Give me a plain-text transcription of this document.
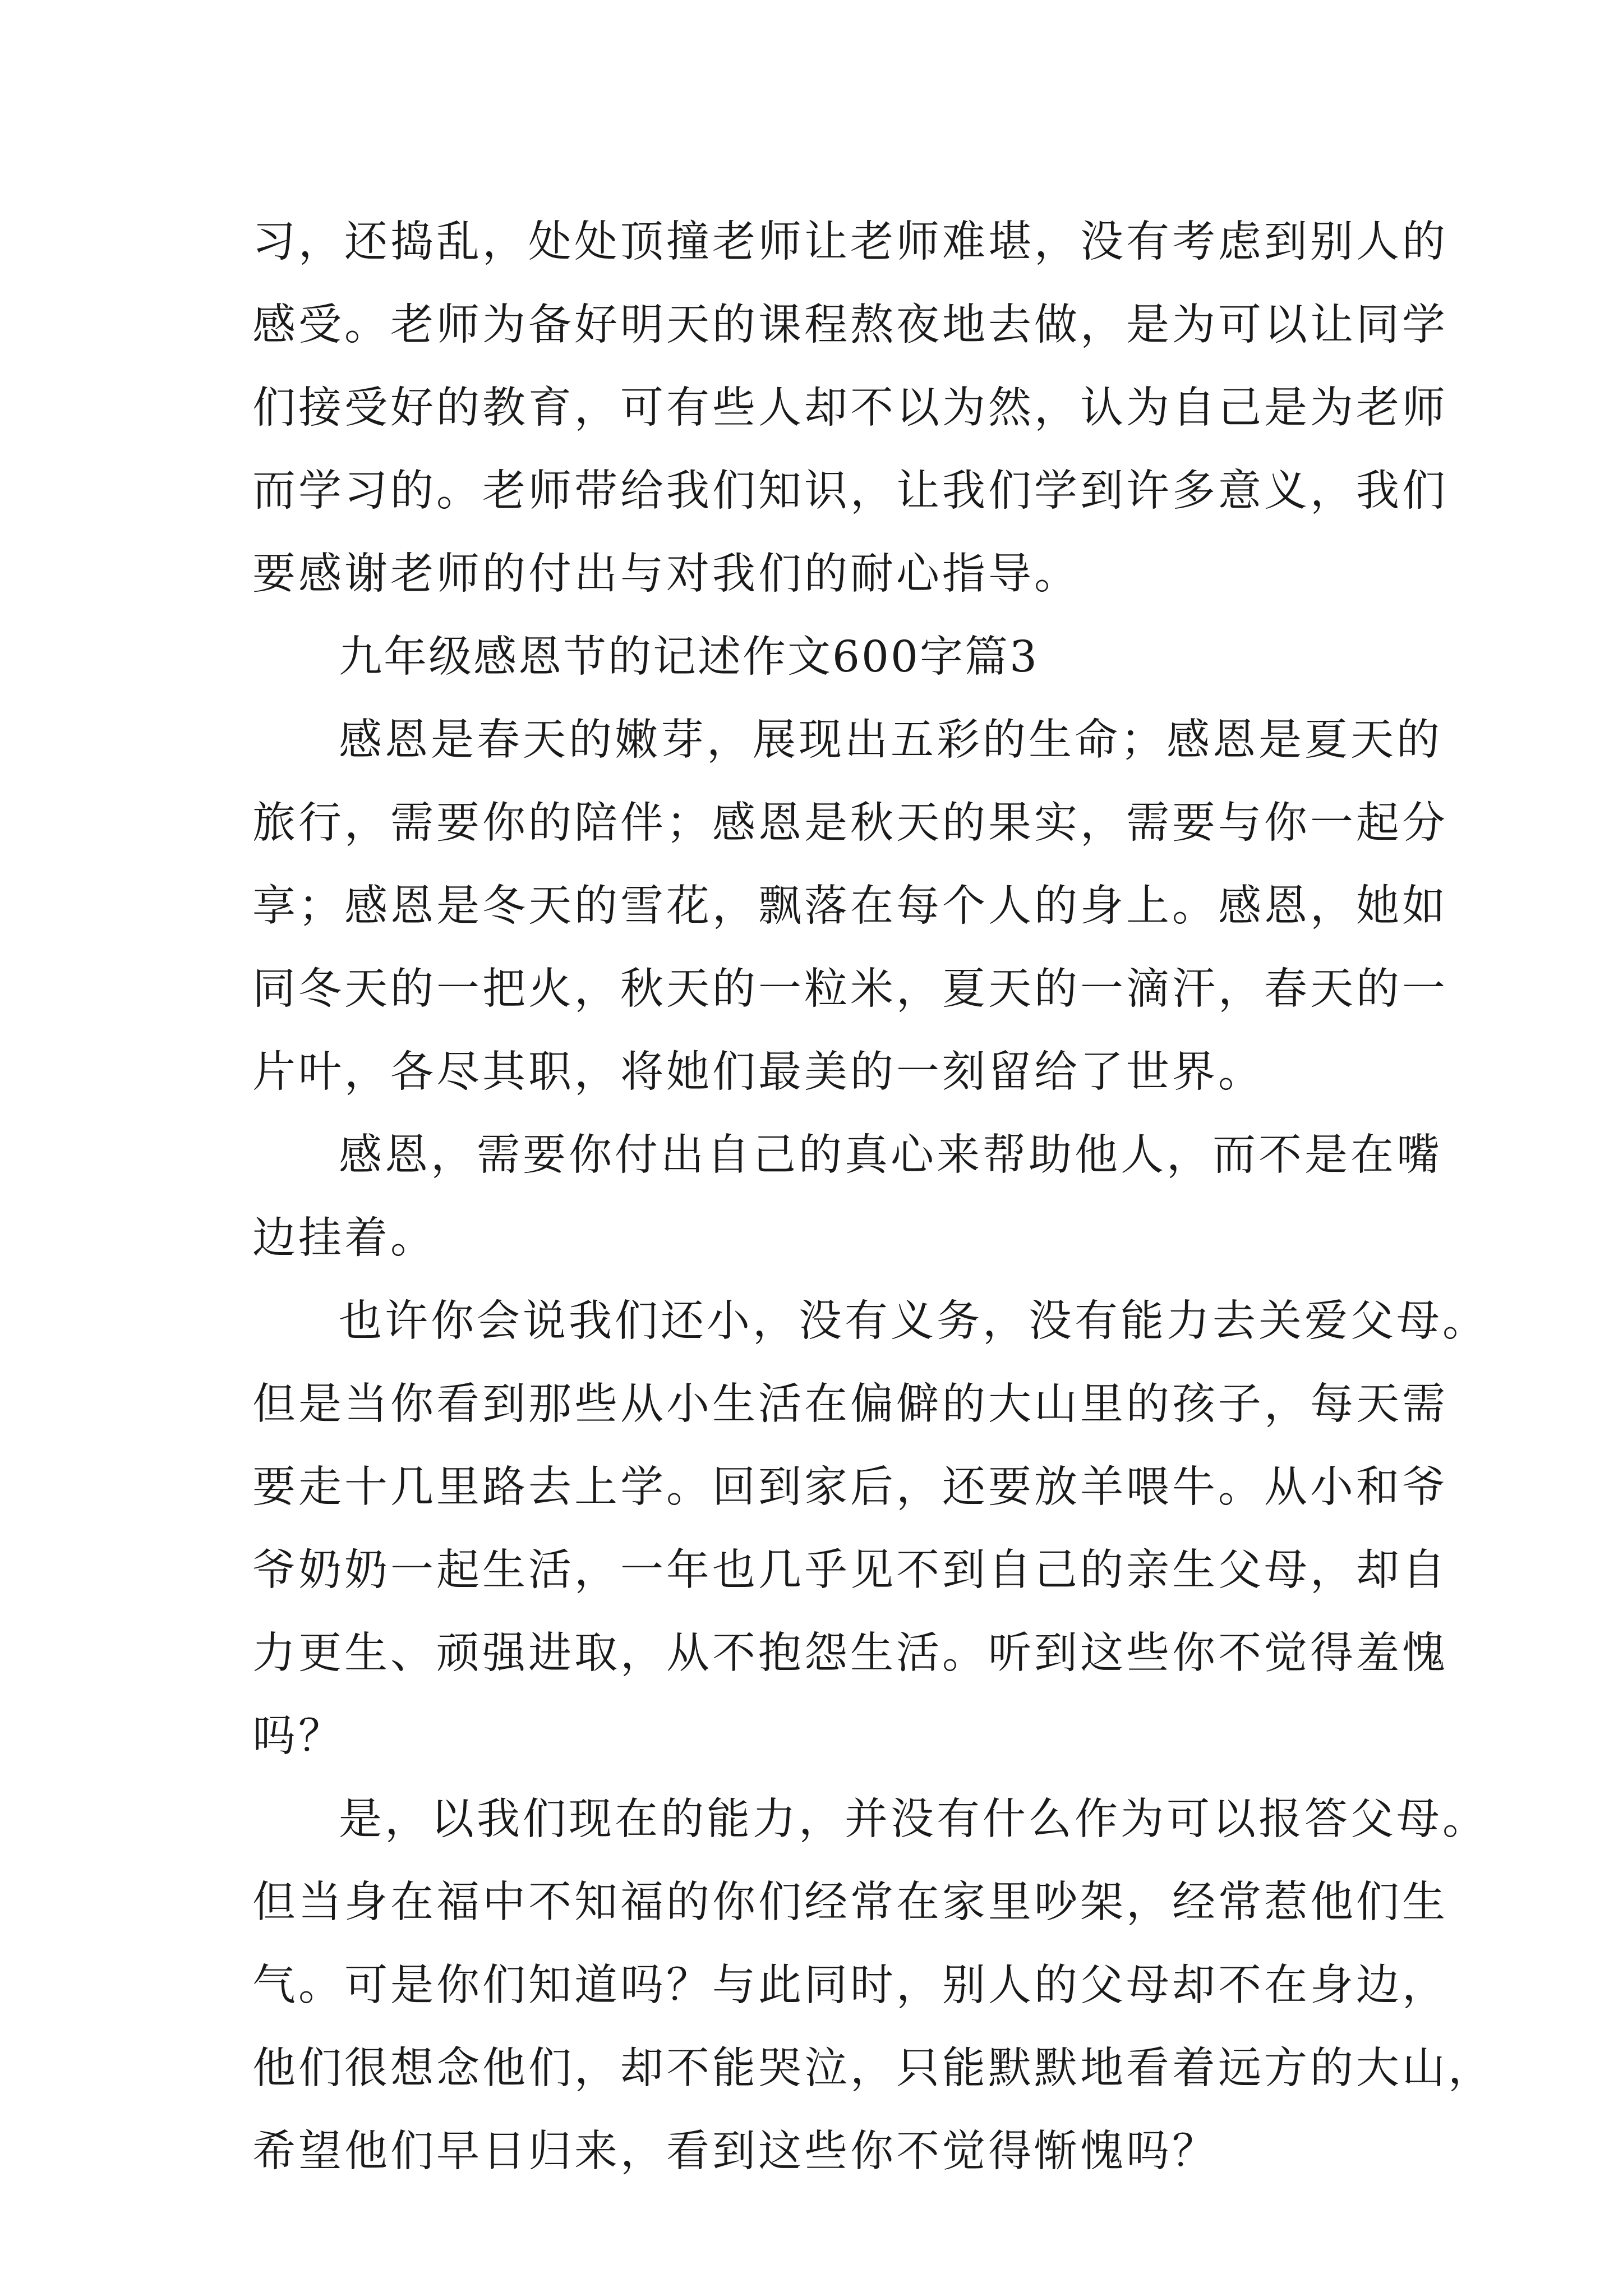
习，还捣乱，处处顶撞老师让老师难堪，没有考虑到别人的

感受。老师为备好明天的课程熬夜地去做，是为可以让同学

们接受好的教育，可有些人却不以为然，认为自己是为老师

而学习的。老师带给我们知识，让我们学到许多意义，我们

要感谢老师的付出与对我们的耐心指导。

九年级感恩节的记述作文600字篇3

感恩是春天的嫩芽，展现出五彩的生命；感恩是夏天的

旅行，需要你的陪伴；感恩是秋天的果实，需要与你一起分

享；感恩是冬天的雪花，飘落在每个人的身上。感恩，她如

同冬天的一把火，秋天的一粒米，夏天的一滴汗，春天的一

片叶，各尽其职，将她们最美的一刻留给了世界。

感恩，需要你付出自己的真心来帮助他人，而不是在嘴

边挂着。

也许你会说我们还小，没有义务，没有能力去关爱父母。

但是当你看到那些从小生活在偏僻的大山里的孩子，每天需

要走十几里路去上学。回到家后，还要放羊喂牛。从小和爷

爷奶奶一起生活，一年也几乎见不到自己的亲生父母，却自

力更生、顽强进取，从不抱怨生活。听到这些你不觉得羞愧

吗？

是，以我们现在的能力，并没有什么作为可以报答父母。

但当身在福中不知福的你们经常在家里吵架，经常惹他们生

气。可是你们知道吗？与此同时，别人的父母却不在身边，

他们很想念他们，却不能哭泣，只能默默地看着远方的大山，

希望他们早日归来，看到这些你不觉得惭愧吗？
